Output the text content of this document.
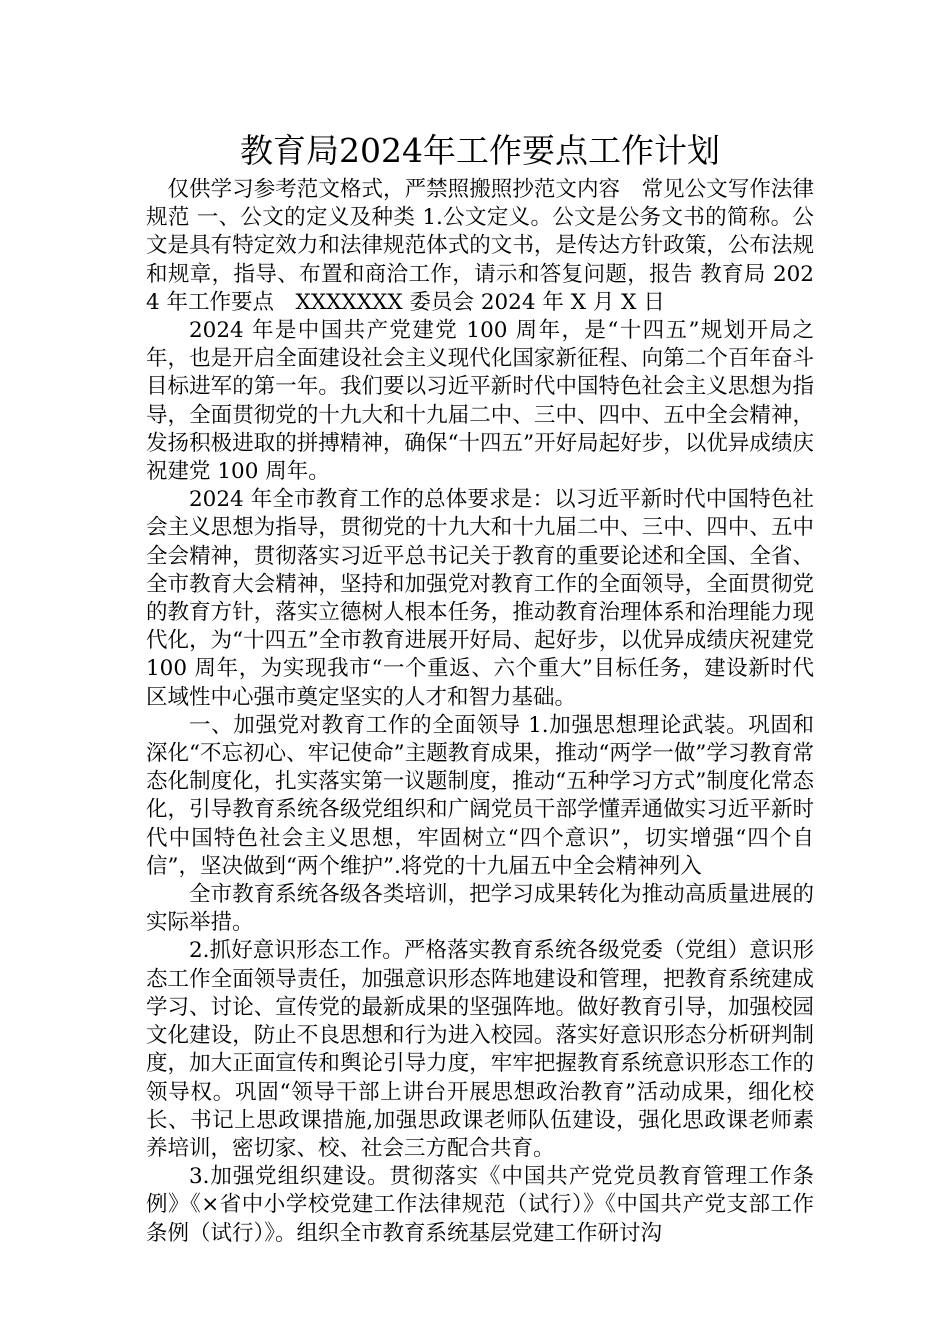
教育局2024年工作要点工作计划

仅供学习参考范文格式，严禁照搬照抄范文内容　常见公文写作法律规范 一、公文的定义及种类 1.公文定义。公文是公务文书的简称。公文是具有特定效力和法律规范体式的文书，是传达方针政策，公布法规和规章，指导、布置和商洽工作，请示和答复问题，报告 教育局 2024 年工作要点　XXXXXXX 委员会 2024 年 X 月 X 日

2024 年是中国共产党建党 100 周年，是“十四五”规划开局之年，也是开启全面建设社会主义现代化国家新征程、向第二个百年奋斗目标进军的第一年。我们要以习近平新时代中国特色社会主义思想为指导，全面贯彻党的十九大和十九届二中、三中、四中、五中全会精神，发扬积极进取的拼搏精神，确保“十四五”开好局起好步，以优异成绩庆祝建党 100 周年。

2024 年全市教育工作的总体要求是：以习近平新时代中国特色社会主义思想为指导，贯彻党的十九大和十九届二中、三中、四中、五中全会精神，贯彻落实习近平总书记关于教育的重要论述和全国、全省、全市教育大会精神，坚持和加强党对教育工作的全面领导，全面贯彻党的教育方针，落实立德树人根本任务，推动教育治理体系和治理能力现代化，为“十四五”全市教育进展开好局、起好步，以优异成绩庆祝建党 100 周年，为实现我市“一个重返、六个重大”目标任务，建设新时代区域性中心强市奠定坚实的人才和智力基础。

一、加强党对教育工作的全面领导 1.加强思想理论武装。巩固和深化“不忘初心、牢记使命”主题教育成果，推动“两学一做”学习教育常态化制度化，扎实落实第一议题制度，推动“五种学习方式”制度化常态化，引导教育系统各级党组织和广阔党员干部学懂弄通做实习近平新时代中国特色社会主义思想，牢固树立“四个意识”，切实增强“四个自信”，坚决做到“两个维护”.将党的十九届五中全会精神列入

全市教育系统各级各类培训，把学习成果转化为推动高质量进展的实际举措。

2.抓好意识形态工作。严格落实教育系统各级党委（党组）意识形态工作全面领导责任，加强意识形态阵地建设和管理，把教育系统建成学习、讨论、宣传党的最新成果的坚强阵地。做好教育引导，加强校园文化建设，防止不良思想和行为进入校园。落实好意识形态分析研判制度，加大正面宣传和舆论引导力度，牢牢把握教育系统意识形态工作的领导权。巩固“领导干部上讲台开展思想政治教育”活动成果，细化校长、书记上思政课措施,加强思政课老师队伍建设，强化思政课老师素养培训，密切家、校、社会三方配合共育。

3.加强党组织建设。贯彻落实《中国共产党党员教育管理工作条例》《×省中小学校党建工作法律规范（试行）》《中国共产党支部工作条例（试行）》。组织全市教育系统基层党建工作研讨沟
